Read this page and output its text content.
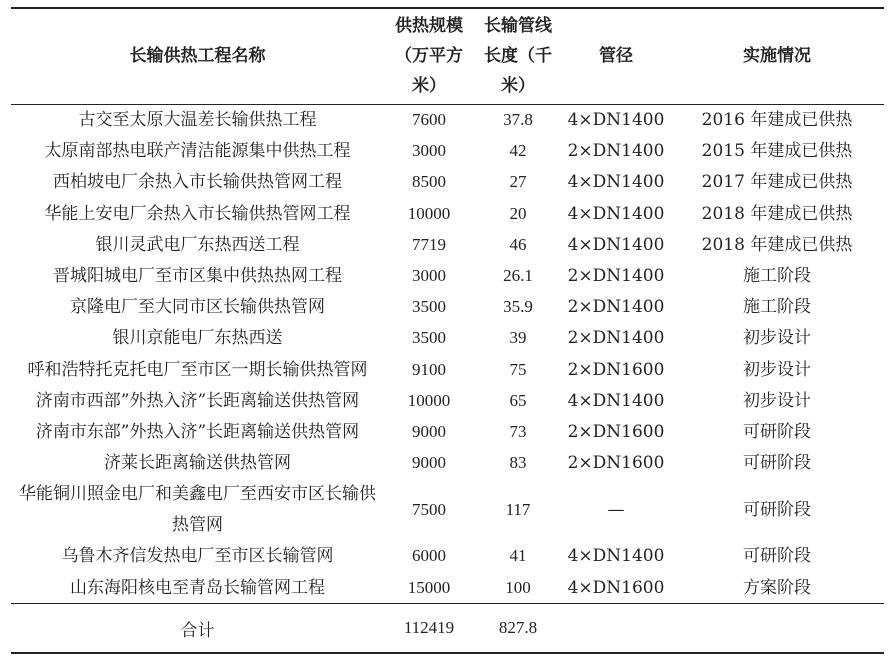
长输供热工程名称	供热规模（万平方米）	长输管线长度（千米）	管径	实施情况
古交至太原大温差长输供热工程	7600	37.8	4×DN1400	2016 年建成已供热
太原南部热电联产清洁能源集中供热工程	3000	42	2×DN1400	2015 年建成已供热
西柏坡电厂余热入市长输供热管网工程	8500	27	4×DN1400	2017 年建成已供热
华能上安电厂余热入市长输供热管网工程	10000	20	4×DN1400	2018 年建成已供热
银川灵武电厂东热西送工程	7719	46	4×DN1400	2018 年建成已供热
晋城阳城电厂至市区集中供热热网工程	3000	26.1	2×DN1400	施工阶段
京隆电厂至大同市区长输供热管网	3500	35.9	2×DN1400	施工阶段
银川京能电厂东热西送	3500	39	2×DN1400	初步设计
呼和浩特托克托电厂至市区一期长输供热管网	9100	75	2×DN1600	初步设计
济南市西部”外热入济”长距离输送供热管网	10000	65	4×DN1400	初步设计
济南市东部”外热入济”长距离输送供热管网	9000	73	2×DN1600	可研阶段
济莱长距离输送供热管网	9000	83	2×DN1600	可研阶段
华能铜川照金电厂和美鑫电厂至西安市区长输供热管网	7500	117	—	可研阶段
乌鲁木齐信发热电厂至市区长输管网	6000	41	4×DN1400	可研阶段
山东海阳核电至青岛长输管网工程	15000	100	4×DN1600	方案阶段
合计	112419	827.8		
